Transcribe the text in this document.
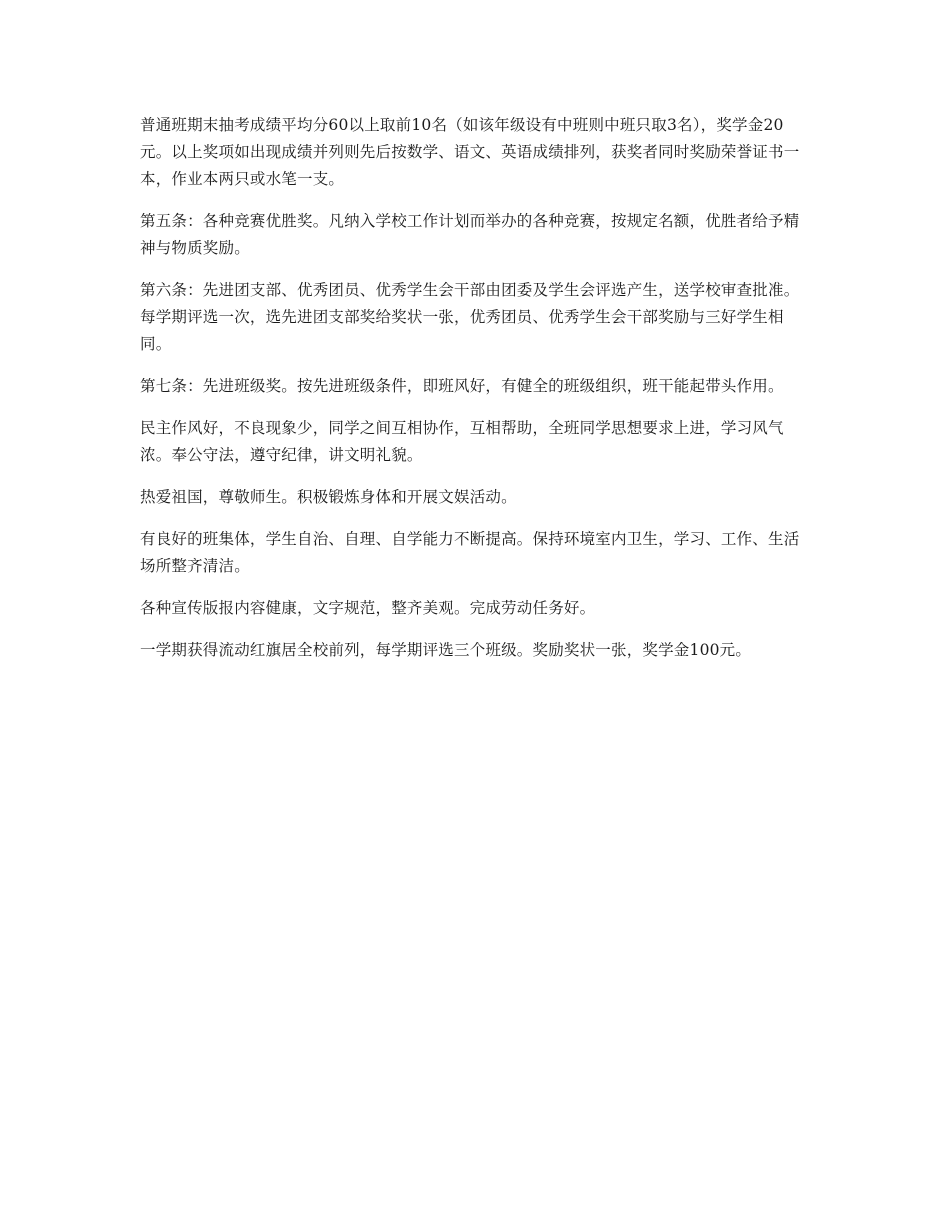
普通班期末抽考成绩平均分60以上取前10名（如该年级设有中班则中班只取3名），奖学金20元。以上奖项如出现成绩并列则先后按数学、语文、英语成绩排列，获奖者同时奖励荣誉证书一本，作业本两只或水笔一支。

第五条：各种竞赛优胜奖。凡纳入学校工作计划而举办的各种竞赛，按规定名额，优胜者给予精神与物质奖励。

第六条：先进团支部、优秀团员、优秀学生会干部由团委及学生会评选产生，送学校审查批准。每学期评选一次，选先进团支部奖给奖状一张，优秀团员、优秀学生会干部奖励与三好学生相同。

第七条：先进班级奖。按先进班级条件，即班风好，有健全的班级组织，班干能起带头作用。

民主作风好，不良现象少，同学之间互相协作，互相帮助，全班同学思想要求上进，学习风气浓。奉公守法，遵守纪律，讲文明礼貌。

热爱祖国，尊敬师生。积极锻炼身体和开展文娱活动。

有良好的班集体，学生自治、自理、自学能力不断提高。保持环境室内卫生，学习、工作、生活场所整齐清洁。

各种宣传版报内容健康，文字规范，整齐美观。完成劳动任务好。

一学期获得流动红旗居全校前列，每学期评选三个班级。奖励奖状一张，奖学金100元。
